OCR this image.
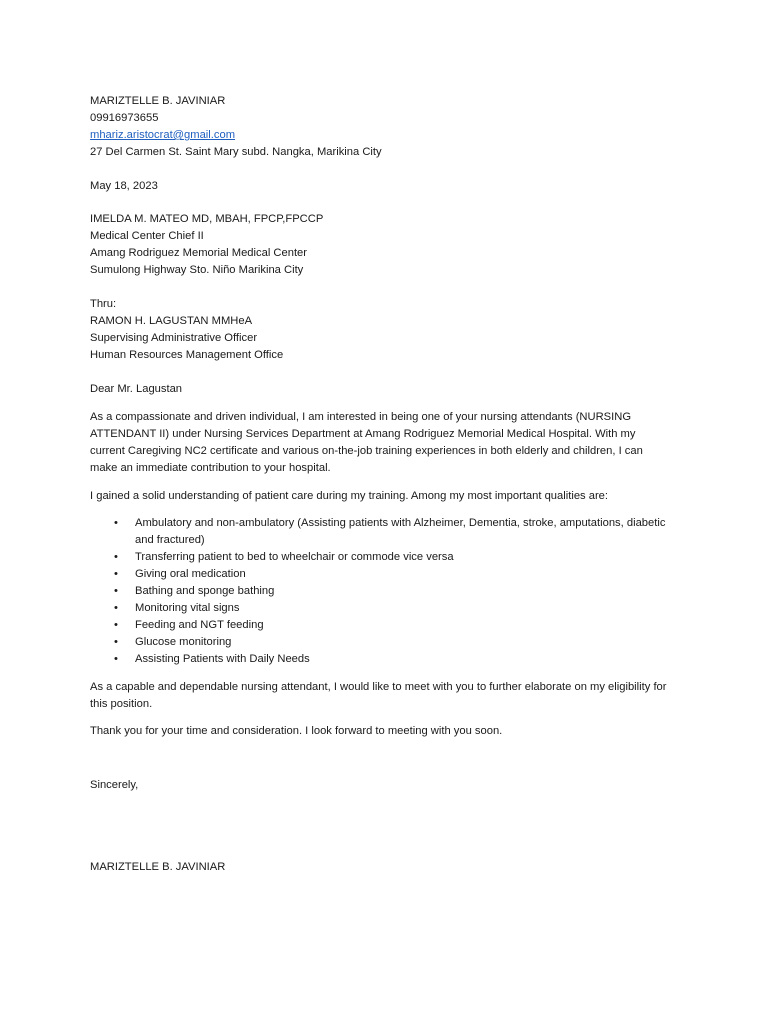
MARIZTELLE B. JAVINIAR
09916973655
mhariz.aristocrat@gmail.com
27 Del Carmen St. Saint Mary subd. Nangka, Marikina City
May 18, 2023
IMELDA M. MATEO MD, MBAH, FPCP,FPCCP
Medical Center Chief II
Amang Rodriguez Memorial Medical Center
Sumulong Highway Sto. Niño Marikina City
Thru:
RAMON H. LAGUSTAN MMHeA
Supervising Administrative Officer
Human Resources Management Office
Dear Mr. Lagustan

As a compassionate and driven individual, I am interested in being one of your nursing attendants (NURSING ATTENDANT II) under Nursing Services Department at Amang Rodriguez Memorial Medical Hospital. With my current Caregiving NC2 certificate and various on-the-job training experiences in both elderly and children, I can make an immediate contribution to your hospital.

I gained a solid understanding of patient care during my training. Among my most important qualities are:

• Ambulatory and non-ambulatory (Assisting patients with Alzheimer, Dementia, stroke, amputations, diabetic and fractured)
• Transferring patient to bed to wheelchair or commode vice versa
• Giving oral medication
• Bathing and sponge bathing
• Monitoring vital signs
• Feeding and NGT feeding
• Glucose monitoring
• Assisting Patients with Daily Needs

As a capable and dependable nursing attendant, I would like to meet with you to further elaborate on my eligibility for this position.

Thank you for your time and consideration. I look forward to meeting with you soon.

Sincerely,
MARIZTELLE B. JAVINIAR
